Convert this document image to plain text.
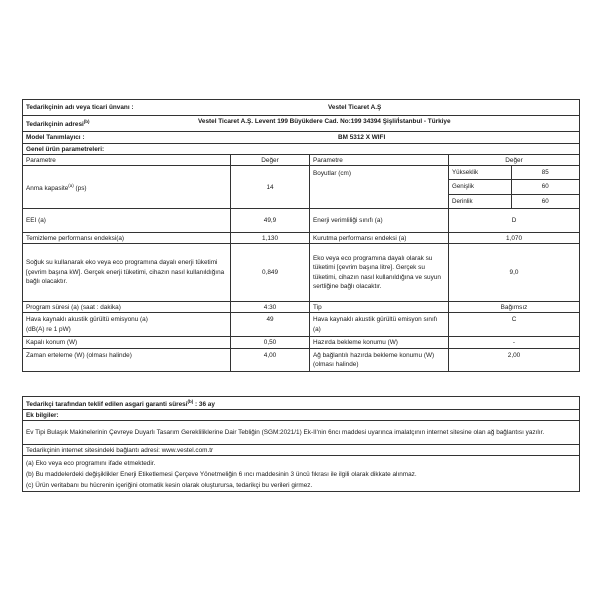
Tedarikçinin adı veya ticari ünvanı :	Vestel Ticaret A.Ş

Tedarikçinin adresi$^{(b)}$	Vestel Ticaret A.Ş. Levent 199 Büyükdere Cad. No:199 34394 Şişli/İstanbul - Türkiye

Model Tanımlayıcı :	BM 5312 X WIFI

Genel ürün parametreleri:
Parametre	Değer	Parametre	Değer
Anma kapasite$^{(a)}$ (ps)	14	Boyutlar (cm)		Yükseklik	85
Genişlik	60
Derinlik	60

EEI (a)	49,9	Enerji verimliliği sınıfı (a)	D
Temizleme performansı endeksi(a)	1,130	Kurutma performansı endeksi (a)	1,070
Soğuk su kullanarak eko veya eco programına dayalı enerji tüketimi [çevrim başına kW]. Gerçek enerji tüketimi, cihazın nasıl kullanıldığına bağlı olacaktır.	0,849	Eko veya eco programına dayalı olarak su tüketimi [çevrim başına litre]. Gerçek su tüketimi, cihazın nasıl kullanıldığına ve suyun sertliğine bağlı olacaktır.	9,0
Program süresi (a) (saat : dakika)	4:30	Tip	Bağımsız
Hava kaynaklı akustik gürültü emisyonu (a)
(dB(A) re 1 pW)	49	Hava kaynaklı akustik gürültü emisyon sınıfı (a)	C
Kapalı konum (W)	0,50	Hazırda bekleme konumu (W)	-
Zaman erteleme (W) (olması halinde)	4,00	Ağ bağlantılı hazırda bekleme konumu (W) (olması halinde)	2,00
Tedarikçi tarafından teklif edilen asgari garanti süresi$^{(b)}$ : 36 ay
Ek bilgiler:
Ev Tipi Bulaşık Makinelerinin Çevreye Duyarlı Tasarım Gerekliliklerine Dair Tebliğin (SGM:2021/1) Ek-II'nin 6ncı maddesi uyarınca imalatçının internet sitesine olan ağ bağlantısı yazılır.
Tedarikçinin internet sitesindeki bağlantı adresi: www.vestel.com.tr

(a) Eko veya eco programını ifade etmektedir.
(b) Bu maddelerdeki değişiklikler Enerji Etiketlemesi Çerçeve Yönetmeliğin 6 ıncı maddesinin 3 üncü fıkrası ile ilgili olarak dikkate alınmaz.
(c) Ürün veritabanı bu hücrenin içeriğini otomatik kesin olarak oluşturursa, tedarikçi bu verileri girmez.
